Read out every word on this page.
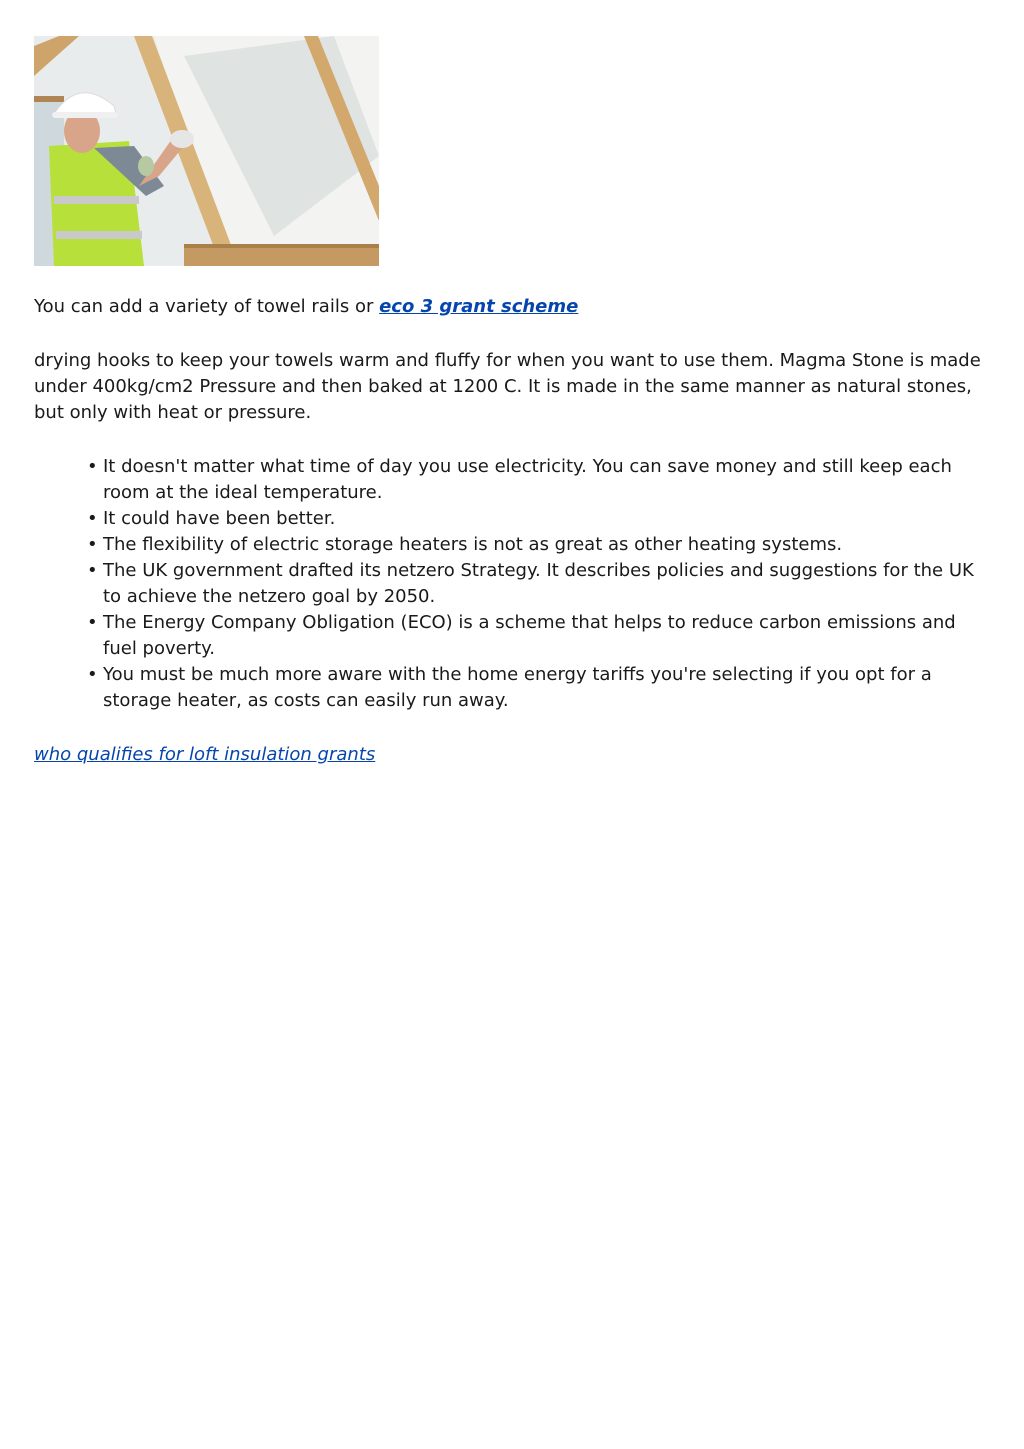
You can add a variety of towel rails or eco 3 grant scheme

drying hooks to keep your towels warm and fluffy for when you want to use them. Magma Stone is made under 400kg/cm2 Pressure and then baked at 1200 C. It is made in the same manner as natural stones, but only with heat or pressure.

• It doesn't matter what time of day you use electricity. You can save money and still keep each room at the ideal temperature.
• It could have been better.
• The flexibility of electric storage heaters is not as great as other heating systems.
• The UK government drafted its netzero Strategy. It describes policies and suggestions for the UK to achieve the netzero goal by 2050.
• The Energy Company Obligation (ECO) is a scheme that helps to reduce carbon emissions and fuel poverty.
• You must be much more aware with the home energy tariffs you're selecting if you opt for a storage heater, as costs can easily run away.

who qualifies for loft insulation grants
